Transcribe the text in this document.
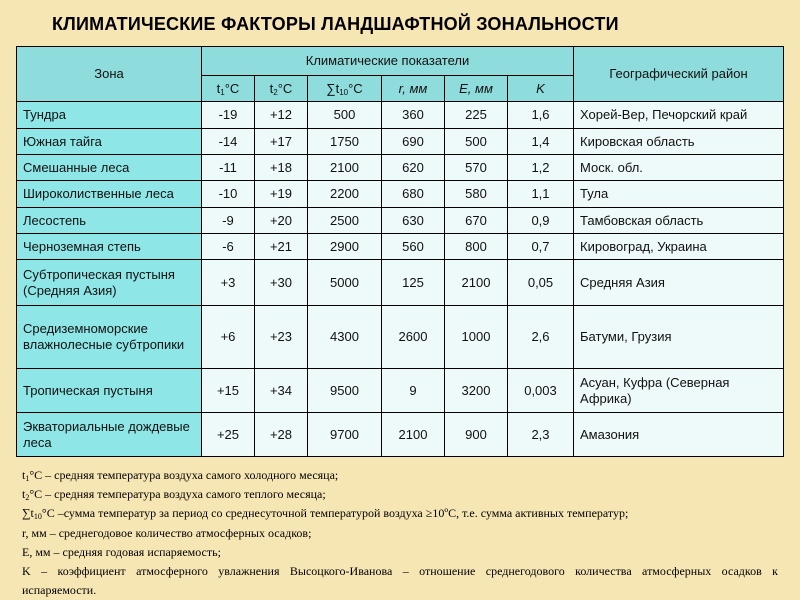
КЛИМАТИЧЕСКИЕ ФАКТОРЫ ЛАНДШАФТНОЙ ЗОНАЛЬНОСТИ
Зона	Климатические показатели						Географический район
	$t_1^\circ C$	$t_2^\circ C$	$\sum t_{10}^\circ C$	r, мм	E, мм	K	
Тундра	-19	+12	500	360	225	1,6	Хорей-Вер, Печорский край
Южная тайга	-14	+17	1750	690	500	1,4	Кировская область
Смешанные леса	-11	+18	2100	620	570	1,2	Моск. обл.
Широколиственные леса	-10	+19	2200	680	580	1,1	Тула
Лесостепь	-9	+20	2500	630	670	0,9	Тамбовская область
Черноземная степь	-6	+21	2900	560	800	0,7	Кировоград, Украина
Субтропическая пустыня (Средняя Азия)	+3	+30	5000	125	2100	0,05	Средняя Азия
Средиземноморские влажнолесные субтропики	+6	+23	4300	2600	1000	2,6	Батуми, Грузия
Тропическая пустыня	+15	+34	9500	9	3200	0,003	Асуан, Куфра (Северная Африка)
Экваториальные дождевые леса	+25	+28	9700	2100	900	2,3	Амазония
$t_1^\circ C$ – средняя температура воздуха самого холодного месяца;
$t_2^\circ C$ – средняя температура воздуха самого теплого месяца;
$\sum t_{10}^\circ C$ –сумма температур за период со среднесуточной температурой воздуха ≥10ºС, т.е. сумма активных температур;
r, мм – среднегодовое количество атмосферных осадков;
E, мм – средняя годовая испаряемость;
K – коэффициент атмосферного увлажнения Высоцкого-Иванова – отношение среднегодового количества атмосферных осадков к испаряемости.
